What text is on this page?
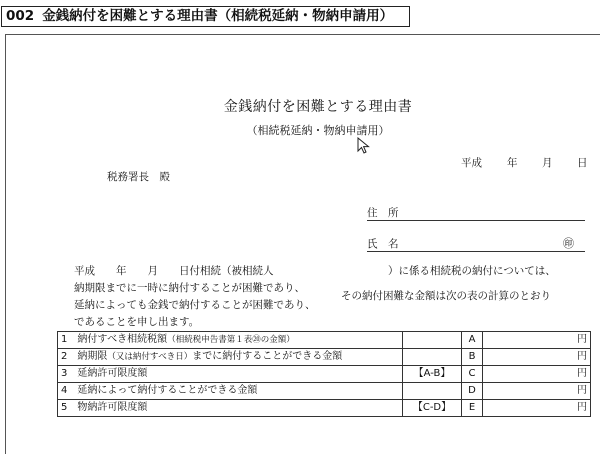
002 金銭納付を困難とする理由書（相続税延納・物納申請用）
金銭納付を困難とする理由書
（相続税延納・物納申請用）
平成 年 月 日
税務署長　殿
住　所
氏　名	㊞
平成　　年　　月　　日付相続（被相続人	）に係る相続税の納付については、
納期限までに一時に納付することが困難であり、
その納付困難な金額は次の表の計算のとおり
延納によっても金銭で納付することが困難であり、
であることを申し出ます。
1　 納付すべき相続税額（相続税申告書第１表⑳の金額）		A	円
2　 納期限（又は納付すべき日）までに納付することができる金額		B	円
3　 延納許可限度額	【A-B】	C	円
4　 延納によって納付することができる金額		D	円
5　 物納許可限度額	【C-D】	E	円
